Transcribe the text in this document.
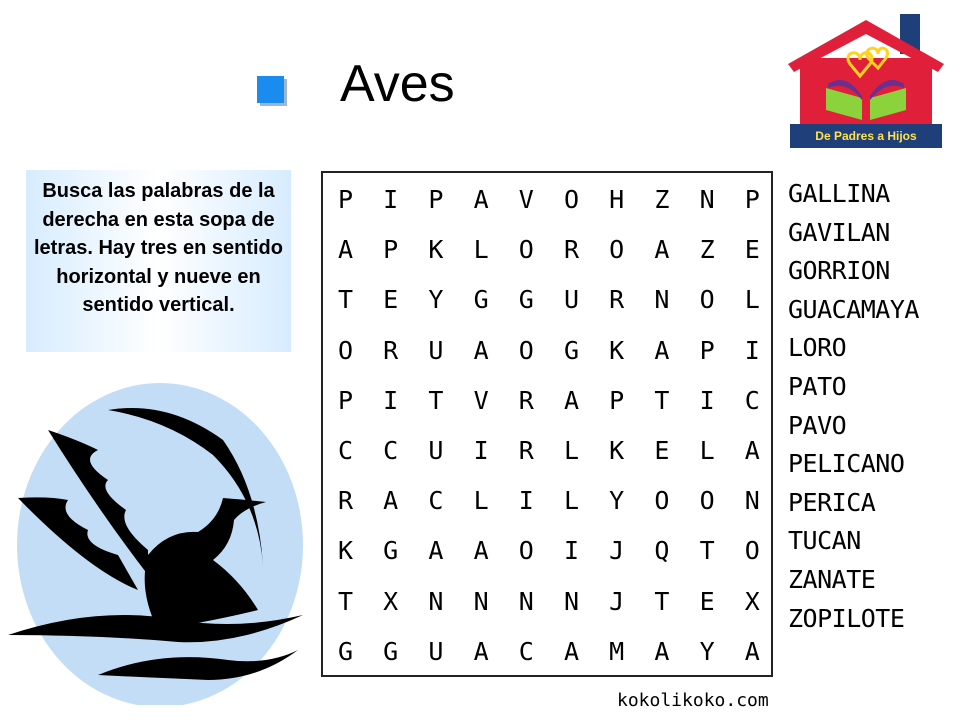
Aves
De Padres a Hijos
Busca las palabras de la derecha en esta sopa de letras. Hay tres en sentido horizontal y nueve en sentido vertical.
P	I	P	A	V	O	H	Z	N	P
A	P	K	L	O	R	O	A	Z	E
T	E	Y	G	G	U	R	N	O	L
O	R	U	A	O	G	K	A	P	I
P	I	T	V	R	A	P	T	I	C
C	C	U	I	R	L	K	E	L	A
R	A	C	L	I	L	Y	O	O	N
K	G	A	A	O	I	J	Q	T	O
T	X	N	N	N	N	J	T	E	X
G	G	U	A	C	A	M	A	Y	A
GALLINA
GAVILAN
GORRION
GUACAMAYA
LORO
PATO
PAVO
PELICANO
PERICA
TUCAN
ZANATE
ZOPILOTE
kokolikoko.com
